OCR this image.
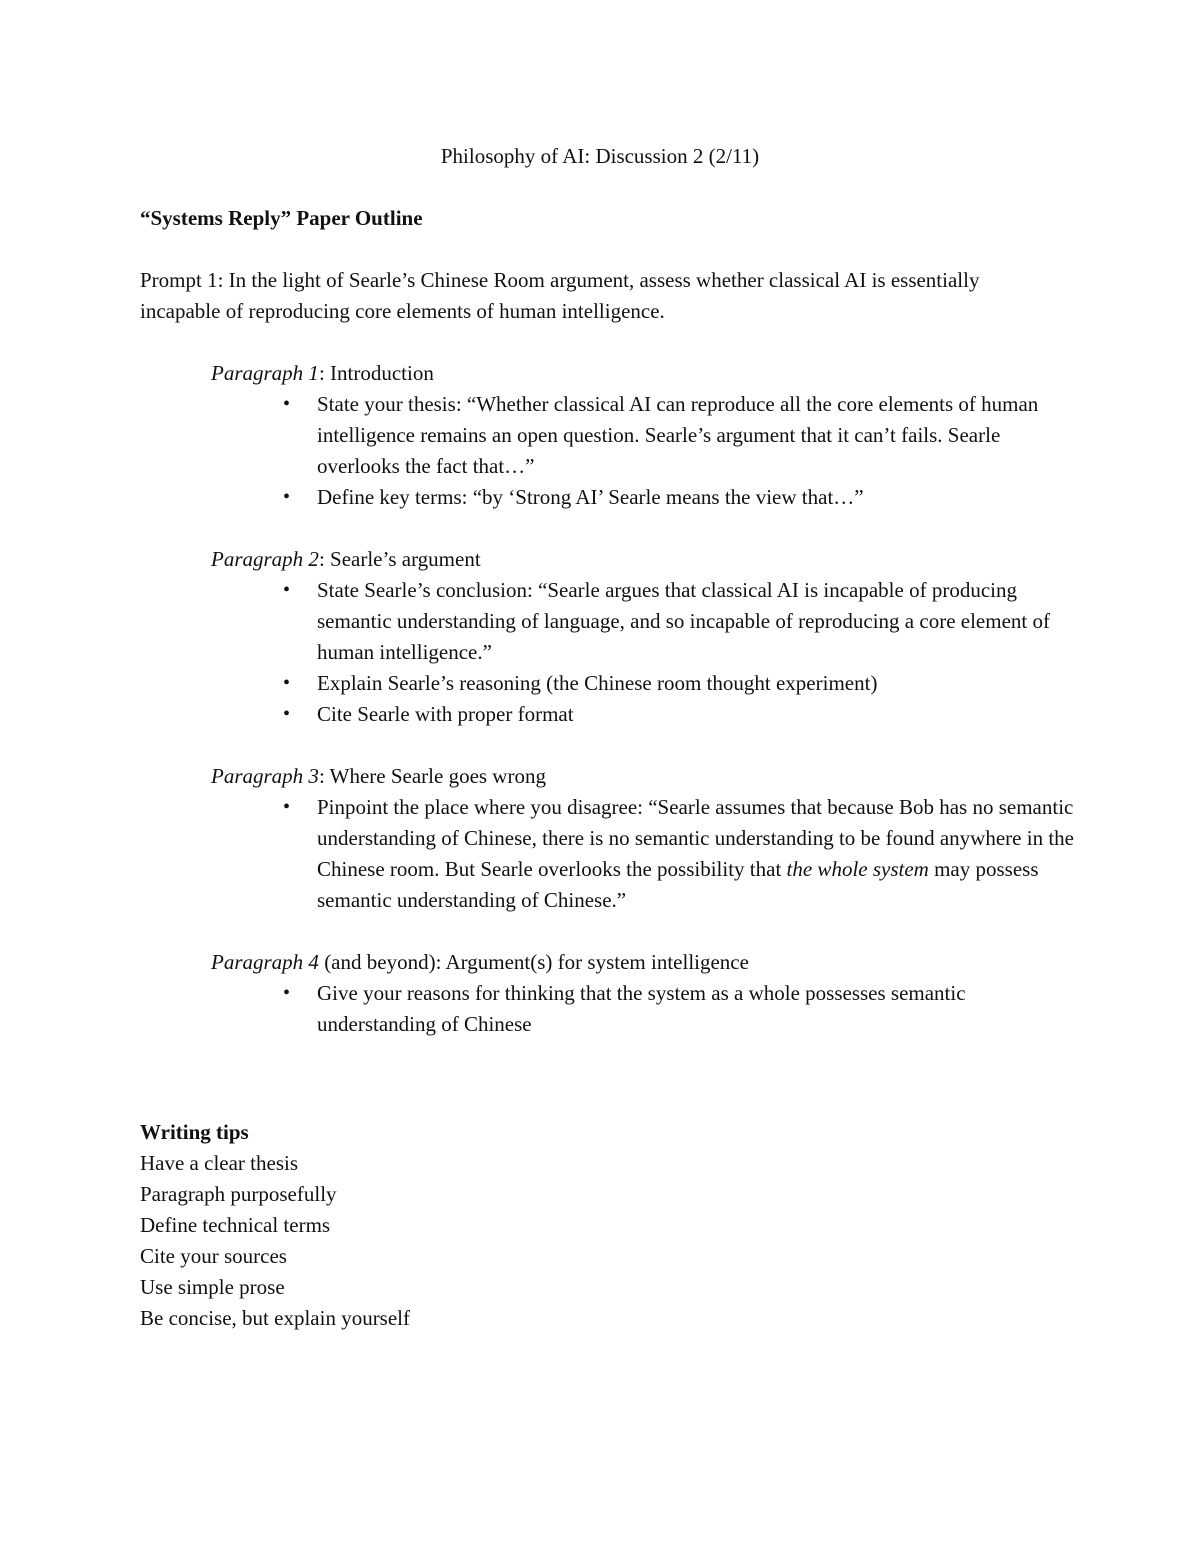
Philosophy of AI: Discussion 2 (2/11)
“Systems Reply” Paper Outline

Prompt 1: In the light of Searle’s Chinese Room argument, assess whether classical AI is essentially incapable of reproducing core elements of human intelligence.

Paragraph 1: Introduction
• State your thesis: “Whether classical AI can reproduce all the core elements of human intelligence remains an open question. Searle’s argument that it can’t fails. Searle overlooks the fact that…”
• Define key terms: “by ‘Strong AI’ Searle means the view that…”
Paragraph 2: Searle’s argument
• State Searle’s conclusion: “Searle argues that classical AI is incapable of producing semantic understanding of language, and so incapable of reproducing a core element of human intelligence.”
• Explain Searle’s reasoning (the Chinese room thought experiment)
• Cite Searle with proper format
Paragraph 3: Where Searle goes wrong
• Pinpoint the place where you disagree: “Searle assumes that because Bob has no semantic understanding of Chinese, there is no semantic understanding to be found anywhere in the Chinese room. But Searle overlooks the possibility that the whole system may possess semantic understanding of Chinese.”
Paragraph 4 (and beyond): Argument(s) for system intelligence
• Give your reasons for thinking that the system as a whole possesses semantic understanding of Chinese
Writing tips
Have a clear thesis
Paragraph purposefully
Define technical terms
Cite your sources
Use simple prose
Be concise, but explain yourself
